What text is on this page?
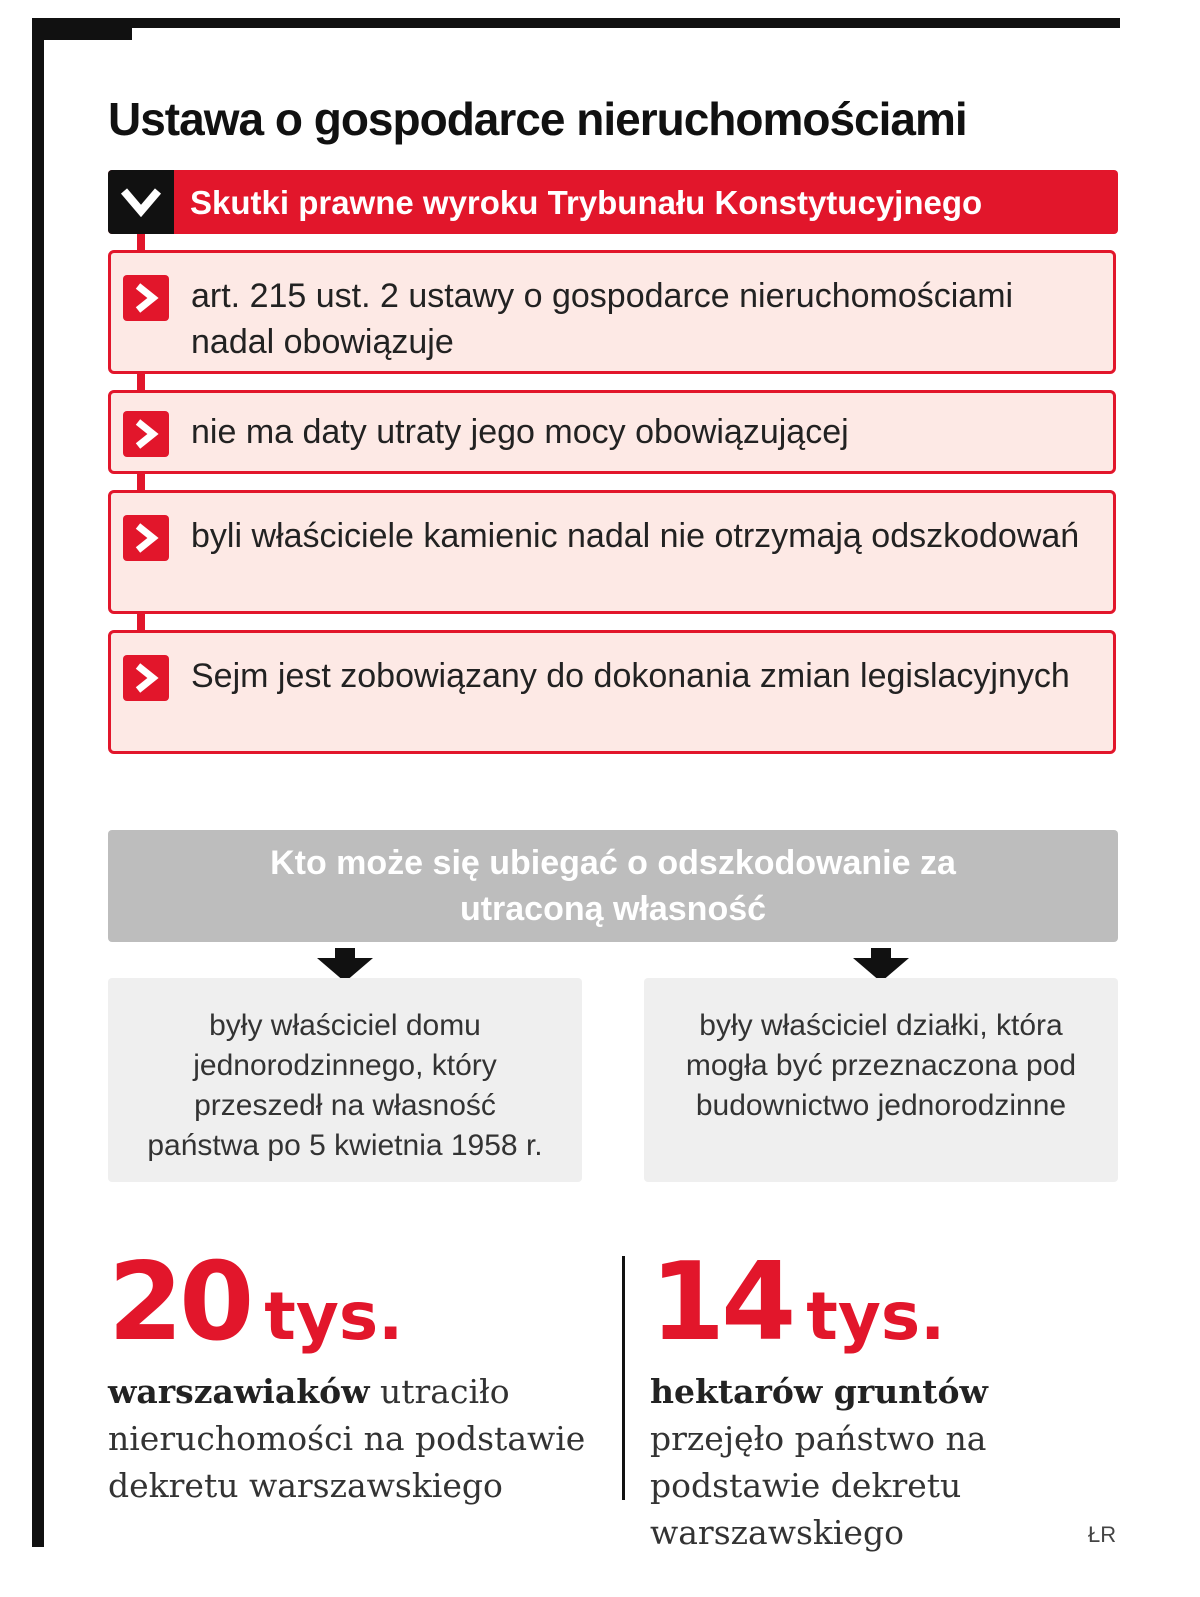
Ustawa o gospodarce nieruchomościami
Skutki prawne wyroku Trybunału Konstytucyjnego
art. 215 ust. 2 ustawy o gospodarce nieruchomościami nadal obowiązuje
nie ma daty utraty jego mocy obowiązującej
byli właściciele kamienic nadal nie otrzymają odszkodowań
Sejm jest zobowiązany do dokonania zmian legislacyjnych
Kto może się ubiegać o odszkodowanie za utraconą własność
były właściciel domu jednorodzinnego, który przeszedł na własność państwa po 5 kwietnia 1958 r.
były właściciel działki, która mogła być przeznaczona pod budownictwo jednorodzinne
20 tys.
warszawiaków utraciło nieruchomości na podstawie dekretu warszawskiego
14 tys.
hektarów gruntów przejęło państwo na podstawie dekretu warszawskiego	ŁR
